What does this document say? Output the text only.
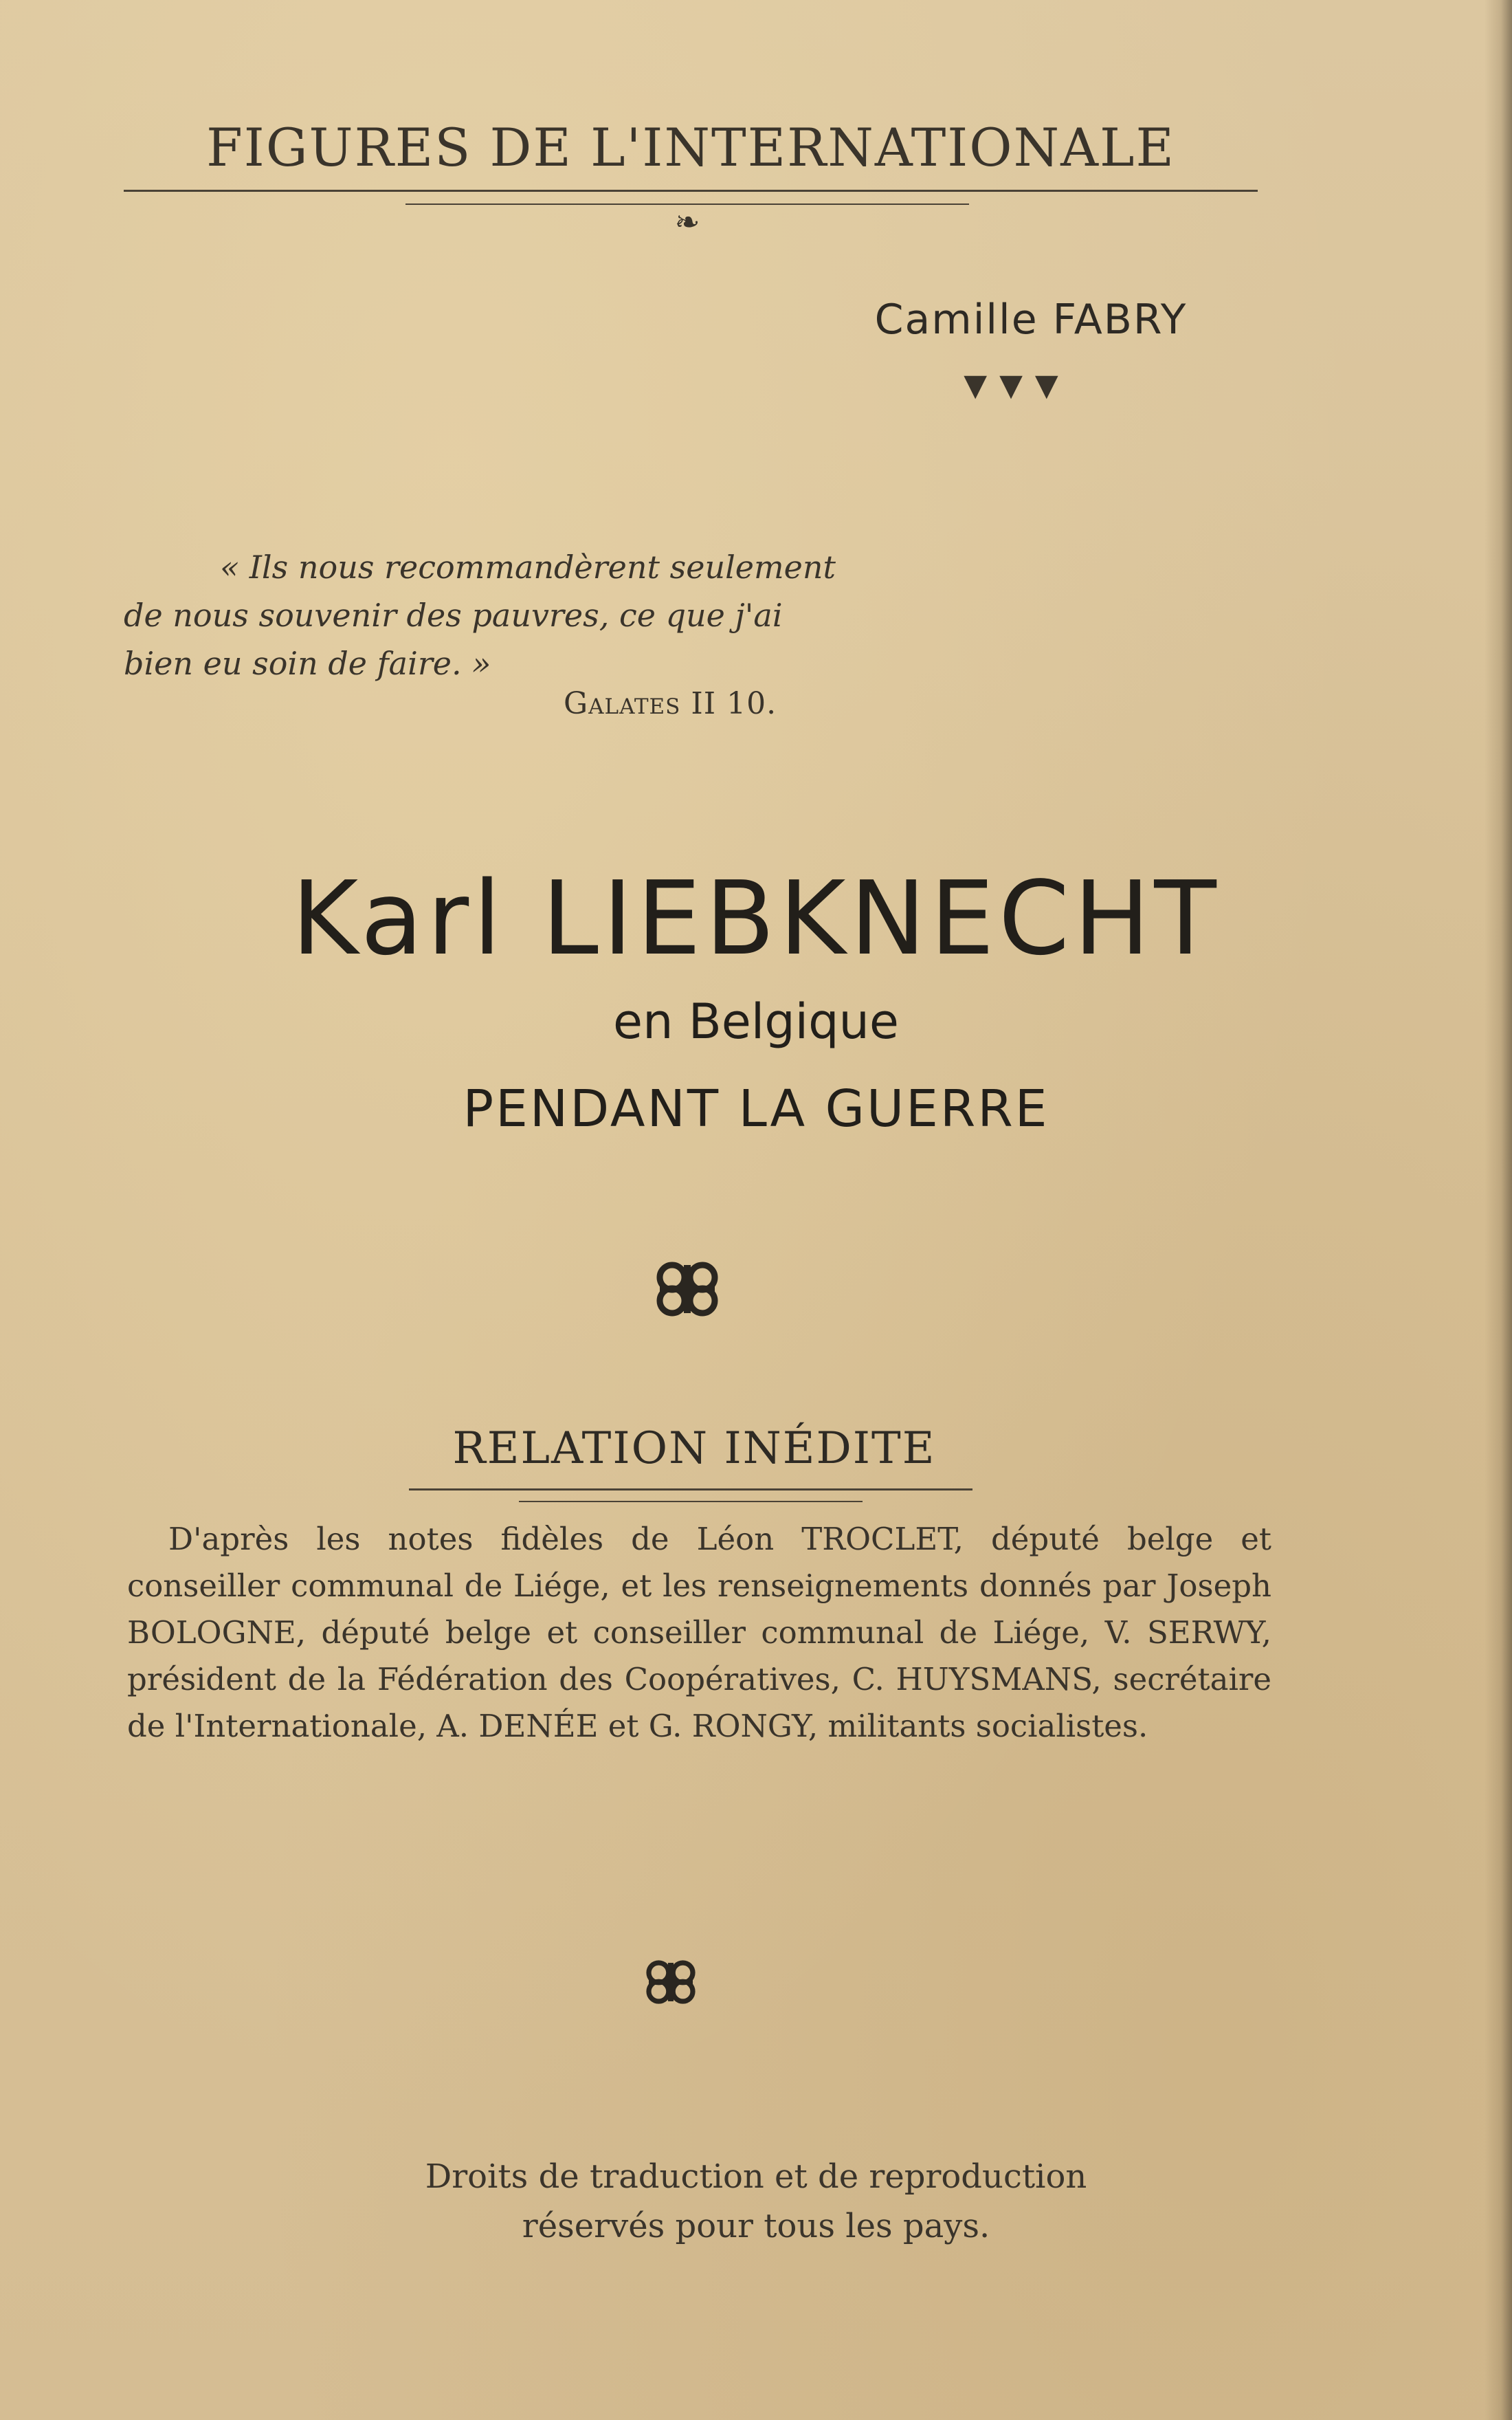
FIGURES DE L'INTERNATIONALE
❧
Camille FABRY
▼▼▼
« Ils nous recommandèrent seulement
de nous souvenir des pauvres, ce que j'ai
bien eu soin de faire. »
Galates II 10.
Karl LIEBKNECHT
en Belgique
PENDANT LA GUERRE
RELATION INÉDITE
D'après les notes fidèles de Léon TROCLET, député belge et conseiller communal de Liége, et les renseignements donnés par Joseph BOLOGNE, député belge et conseiller communal de Liége, V. SERWY, président de la Fédération des Coopératives, C. HUYSMANS, secrétaire de l'Internationale, A. DENÉE et G. RONGY, militants socialistes.
Droits de traduction et de reproduction
réservés pour tous les pays.
